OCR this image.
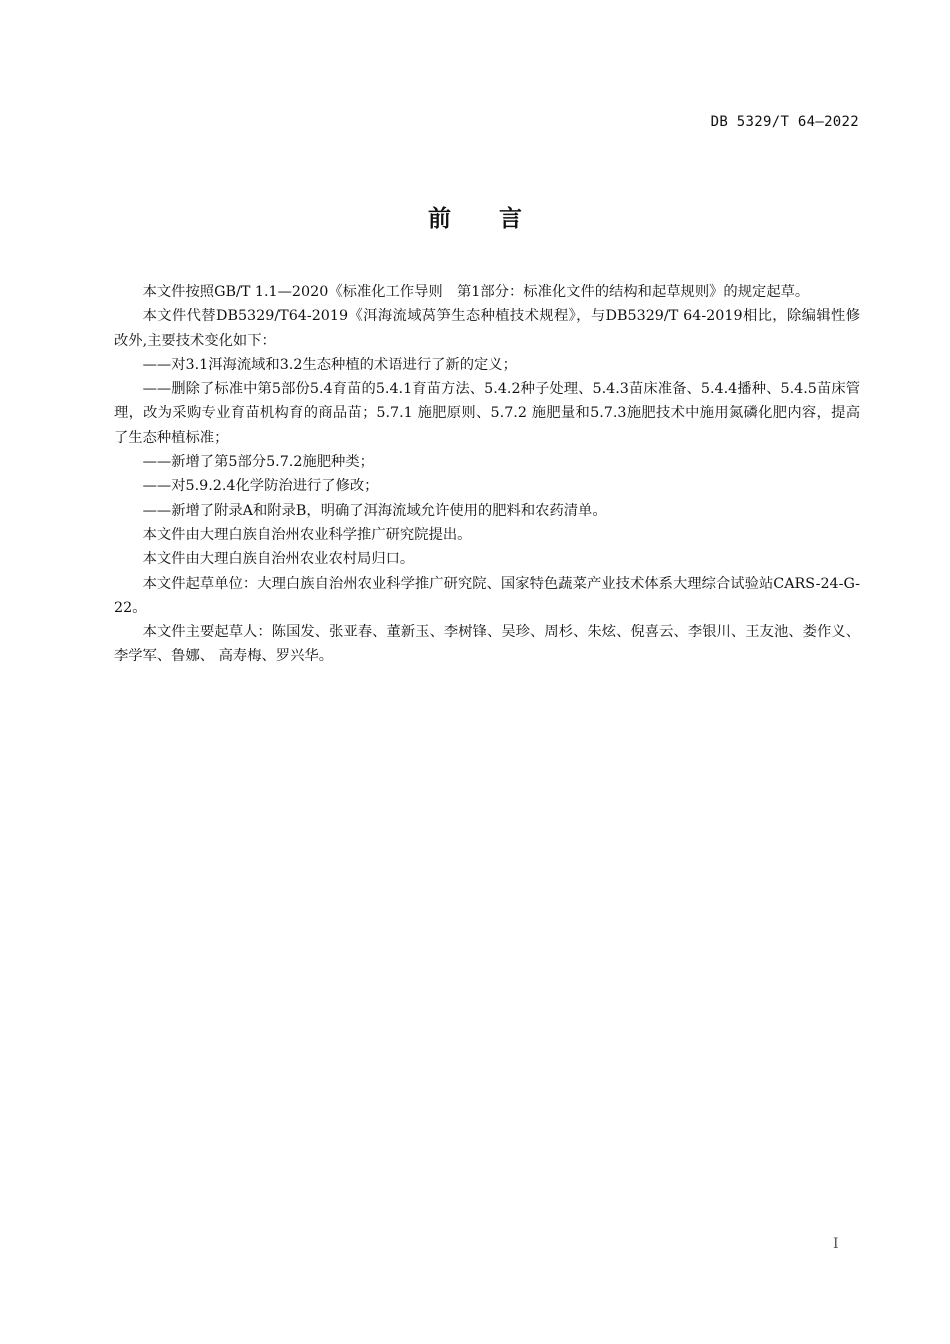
DB 5329/T 64—2022
前言

本文件按照GB/T 1.1—2020《标准化工作导则　第1部分：标准化文件的结构和起草规则》的规定起草。

本文件代替DB5329/T64-2019《洱海流域莴笋生态种植技术规程》，与DB5329/T 64-2019相比，除编辑性修改外,主要技术变化如下：

——对3.1洱海流域和3.2生态种植的术语进行了新的定义；

——删除了标准中第5部份5.4育苗的5.4.1育苗方法、5.4.2种子处理、5.4.3苗床准备、5.4.4播种、5.4.5苗床管理，改为采购专业育苗机构育的商品苗；5.7.1 施肥原则、5.7.2 施肥量和5.7.3施肥技术中施用氮磷化肥内容，提高了生态种植标准；

——新增了第5部分5.7.2施肥种类；

——对5.9.2.4化学防治进行了修改；

——新增了附录A和附录B，明确了洱海流域允许使用的肥料和农药清单。

本文件由大理白族自治州农业科学推广研究院提出。

本文件由大理白族自治州农业农村局归口。

本文件起草单位：大理白族自治州农业科学推广研究院、国家特色蔬菜产业技术体系大理综合试验站CARS-24-G-22。

本文件主要起草人：陈国发、张亚春、董新玉、李树锋、吴珍、周杉、朱炫、倪喜云、李银川、王友池、娄作义、李学军、鲁娜、 高寿梅、罗兴华。

I
